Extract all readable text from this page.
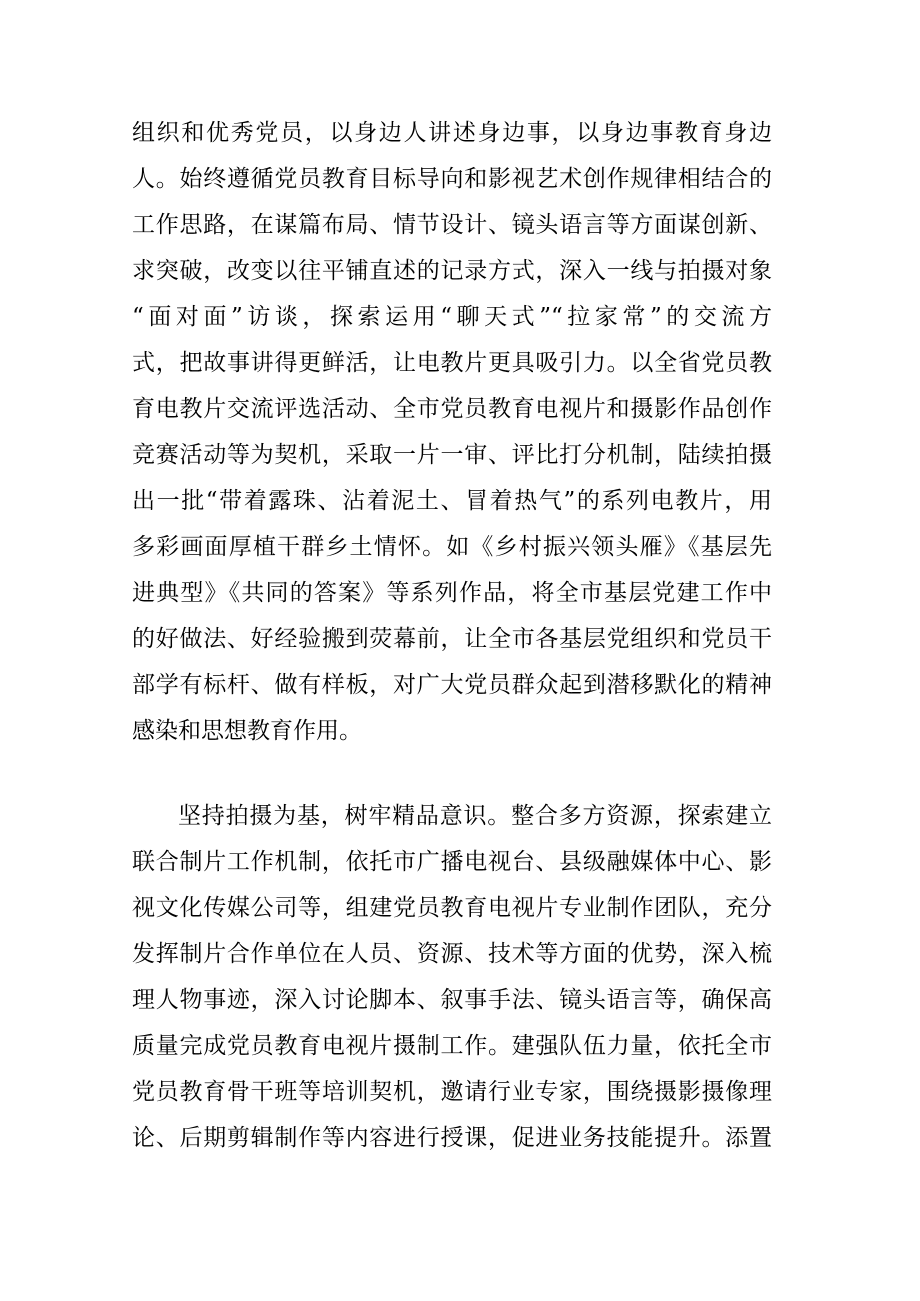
组织和优秀党员，以身边人讲述身边事，以身边事教育身边
人。始终遵循党员教育目标导向和影视艺术创作规律相结合的
工作思路，在谋篇布局、情节设计、镜头语言等方面谋创新、
求突破，改变以往平铺直述的记录方式，深入一线与拍摄对象
“面对面”访谈，探索运用“聊天式”“拉家常”的交流方
式，把故事讲得更鲜活，让电教片更具吸引力。以全省党员教
育电教片交流评选活动、全市党员教育电视片和摄影作品创作
竞赛活动等为契机，采取一片一审、评比打分机制，陆续拍摄
出一批“带着露珠、沾着泥土、冒着热气”的系列电教片，用
多彩画面厚植干群乡土情怀。如《乡村振兴领头雁》《基层先
进典型》《共同的答案》等系列作品，将全市基层党建工作中
的好做法、好经验搬到荧幕前，让全市各基层党组织和党员干
部学有标杆、做有样板，对广大党员群众起到潜移默化的精神
感染和思想教育作用。
坚持拍摄为基，树牢精品意识。整合多方资源，探索建立
联合制片工作机制，依托市广播电视台、县级融媒体中心、影
视文化传媒公司等，组建党员教育电视片专业制作团队，充分
发挥制片合作单位在人员、资源、技术等方面的优势，深入梳
理人物事迹，深入讨论脚本、叙事手法、镜头语言等，确保高
质量完成党员教育电视片摄制工作。建强队伍力量，依托全市
党员教育骨干班等培训契机，邀请行业专家，围绕摄影摄像理
论、后期剪辑制作等内容进行授课，促进业务技能提升。添置
